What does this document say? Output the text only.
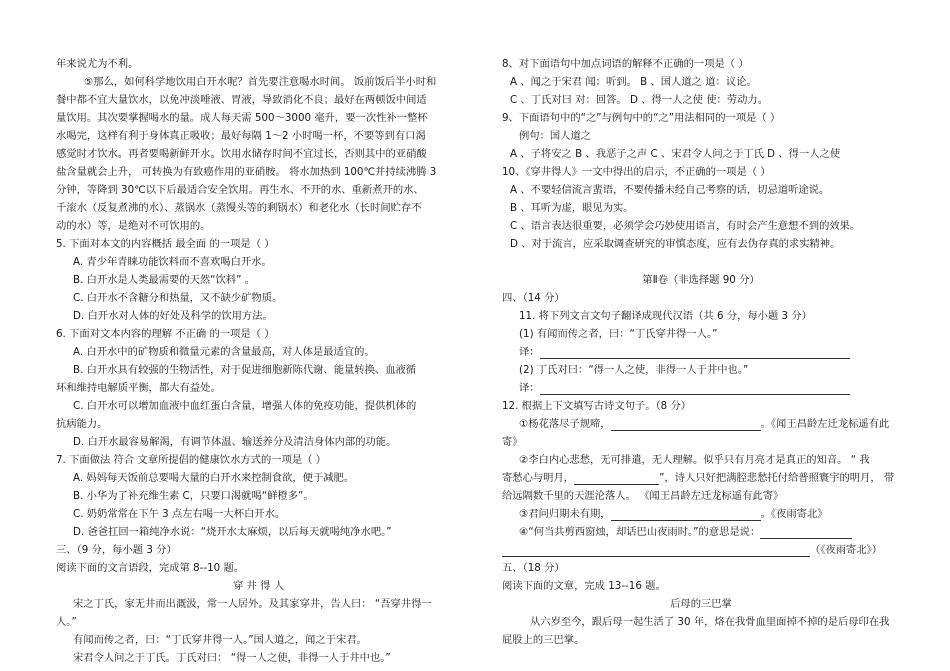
年来说尤为不利。
⑤那么，如何科学地饮用白开水呢？首先要注意喝水时间。 饭前饭后半小时和
餐中都不宜大量饮水，以免冲淡唾液、胃液，导致消化不良；最好在两顿饭中间适
量饮用。其次要掌握喝水的量。成人每天需 500～3000 毫升，要一次性补一整杯
水喝完，这样有利于身体真正吸收；最好每隔 1～2 小时喝一杯，不要等到有口渴
感觉时才饮水。再者要喝新鲜开水。饮用水储存时间不宜过长，否则其中的亚硝酸
盐含量就会上升， 可转换为有致癌作用的亚硝胺。 将水加热到 100℃并持续沸腾 3
分钟，等降到 30℃以下后最适合安全饮用。再生水、不开的水、重新煮开的水、
千滚水（反复煮沸的水）、蒸锅水（蒸馒头等的剩锅水）和老化水（长时间贮存不
动的水）等，是绝对不可饮用的。
5. 下面对本文的内容概括 最全面 的一项是（ ）
A. 青少年青睐功能饮料而不喜欢喝白开水。
B. 白开水是人类最需要的天然“饮料” 。
C. 白开水不含糖分和热量，又不缺少矿物质。
D. 白开水对人体的好处及科学的饮用方法。
6. 下面对文本内容的理解 不正确 的一项是（ ）
A. 白开水中的矿物质和微量元素的含量最高，对人体是最适宜的。
B. 白开水具有较强的生物活性，对于促进细胞新陈代谢、能量转换、血液循
环和维持电解质平衡，都大有益处。
C. 白开水可以增加血液中血红蛋白含量，增强人体的免疫功能，提供机体的
抗病能力。
D. 白开水最容易解渴，有调节体温、输送养分及清洁身体内部的功能。
7. 下面做法 符合 文章所提倡的健康饮水方式的一项是（ ）
A. 妈妈每天饭前总要喝大量的白开水来控制食欲，便于减肥。
B. 小华为了补充维生素 C，只要口渴就喝“鲜橙多”。
C. 奶奶常常在下午 3 点左右喝一大杯白开水。
D. 爸爸扛回一箱纯净水说：“烧开水太麻烦，以后每天就喝纯净水吧。”
三、（9 分，每小题 3 分）
阅读下面的文言语段，完成第 8--10 题。
穿 井 得 人
宋之丁氏，家无井而出溉汲，常一人居外。及其家穿井，告人曰： “吾穿井得一
人。”
有闻而传之者，曰：“丁氏穿井得一人。”国人道之，闻之于宋君。
宋君令人问之于丁氏。丁氏对曰： “得一人之使，非得一人于井中也。”
8、对下面语句中加点词语的解释不正确的一项是（ ）
A 、闻之于宋君 闻：听到。 B 、国人道之 道：议论。
C 、丁氏对曰 对：回答。 D 、得一人之使 使：劳动力。
9、下面语句中的“之”与例句中的“之”用法相同的一项是（ ）
例句：国人道之
A 、子将安之 B 、我恶子之声 C 、宋君令人问之于丁氏 D 、得一人之使
10、《穿井得人》一文中得出的启示，不正确的一项是（ ）
A 、不要轻信流言蜚语，不要传播未经自己考察的话，切忌道听途说。
B 、耳听为虚，眼见为实。
C 、语言表达很重要，必须学会巧妙使用语言，有时会产生意想不到的效果。
D 、对于流言，应采取调查研究的审慎态度，应有去伪存真的求实精神。
第Ⅱ卷（非选择题 90 分）
四、（14 分）
11. 将下列文言文句子翻译成现代汉语（共 6 分，每小题 3 分）
(1) 有闻而传之者，曰：“丁氏穿井得一人。”
译：
(2) 丁氏对曰：“得一人之使，非得一人于井中也。”
译：
12. 根据上下文填写古诗文句子。（8 分）
①杨花落尽子规啼，	。《闻王昌龄左迁龙标遥有此
寄》
②李白内心悲愁，无可排遣，无人理解。似乎只有月亮才是真正的知音。 “ 我
寄愁心与明月，	”，诗人只好把满腔悲愁托付给普照寰宇的明月， 带
给远隔数千里的天涯沦落人。 《闻王昌龄左迁龙标遥有此寄》
③君问归期未有期，	。《夜雨寄北》
④“何当共剪西窗烛，却话巴山夜雨时。”的意思是说：
（《夜雨寄北》）
五、（18 分）
阅读下面的文章，完成 13--16 题。
后母的三巴掌
从六岁至今，跟后母一起生活了 30 年，烙在我骨血里面掉不掉的是后母印在我
屁股上的三巴掌。
